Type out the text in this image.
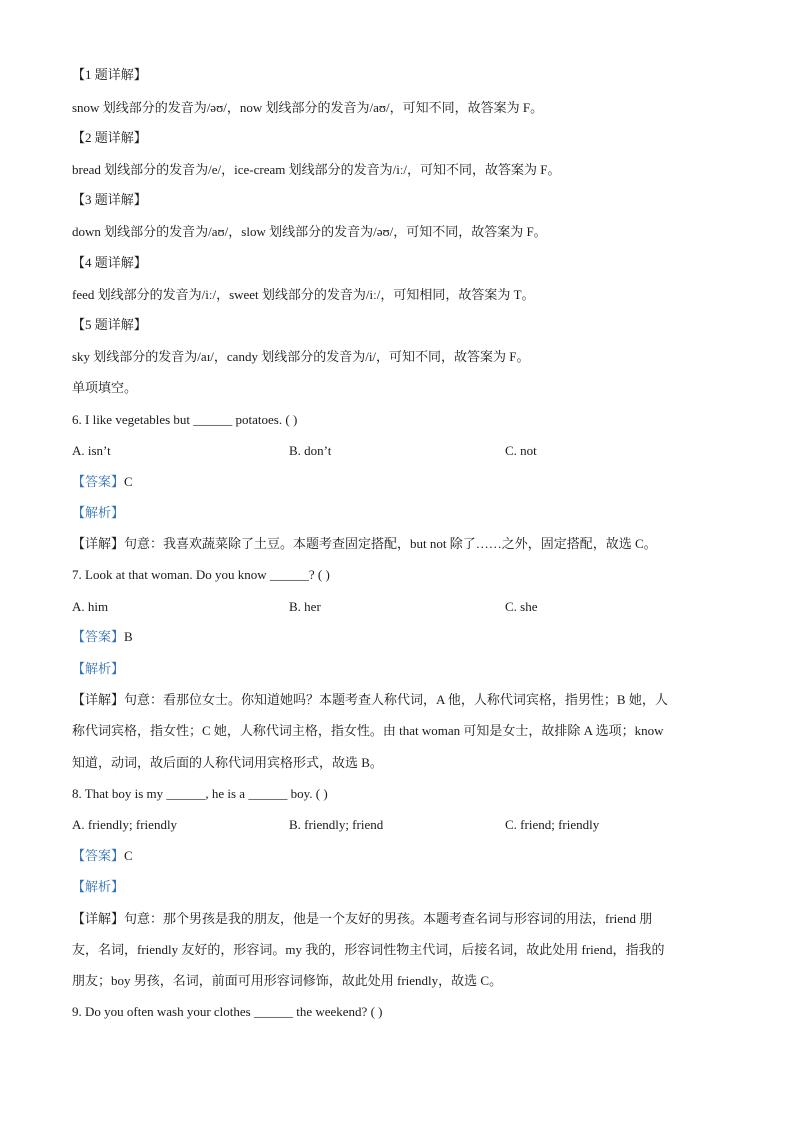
【1 题详解】
snow 划线部分的发音为/əʊ/，now 划线部分的发音为/aʊ/，可知不同，故答案为 F。
【2 题详解】
bread 划线部分的发音为/e/，ice-cream 划线部分的发音为/iː/，可知不同，故答案为 F。
【3 题详解】
down 划线部分的发音为/aʊ/，slow 划线部分的发音为/əʊ/，可知不同，故答案为 F。
【4 题详解】
feed 划线部分的发音为/iː/，sweet 划线部分的发音为/iː/，可知相同，故答案为 T。
【5 题详解】
sky 划线部分的发音为/aɪ/，candy 划线部分的发音为/i/，可知不同，故答案为 F。
单项填空。
6. I like vegetables but ______ potatoes. ( )
A. isn’t	B. don’t	C. not
【答案】C
【解析】
【详解】句意：我喜欢蔬菜除了土豆。本题考查固定搭配，but not 除了……之外，固定搭配，故选 C。
7. Look at that woman. Do you know ______? ( )
A. him	B. her	C. she
【答案】B
【解析】
【详解】句意：看那位女士。你知道她吗？本题考查人称代词，A 他，人称代词宾格，指男性；B 她，人
称代词宾格，指女性；C 她，人称代词主格，指女性。由 that woman 可知是女士，故排除 A 选项；know
知道，动词，故后面的人称代词用宾格形式，故选 B。
8. That boy is my ______, he is a ______ boy. ( )
A. friendly; friendly	B. friendly; friend	C. friend; friendly
【答案】C
【解析】
【详解】句意：那个男孩是我的朋友，他是一个友好的男孩。本题考查名词与形容词的用法，friend 朋
友，名词，friendly 友好的，形容词。my 我的，形容词性物主代词，后接名词，故此处用 friend，指我的
朋友；boy 男孩，名词，前面可用形容词修饰，故此处用 friendly，故选 C。
9. Do you often wash your clothes ______ the weekend? ( )
